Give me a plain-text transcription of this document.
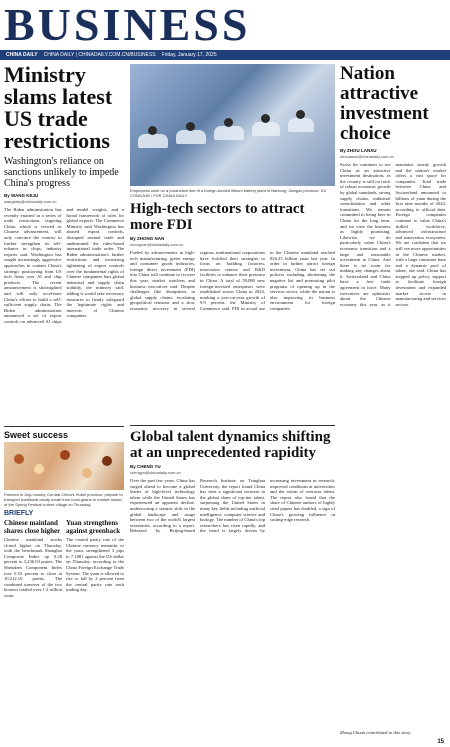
BUSINESS
CHINA DAILY CHINA DAILY | CHINADAILY.COM.CN/BUSINESS Friday, January 17, 2025
Ministry slams latest US trade restrictions
Washington's reliance on sanctions unlikely to impede China's progress
By WANG KEJU
wangkeju@chinadaily.com.cn
The Biden administration has recently enacted in a series of trade restrictions targeting China, which is viewed as Chinese advancement, will only convince the country to further strengthen its self-reliance in chips, industry experts said. Washington has sought increasingly aggressive approaches to contain China's strategic positioning from US tech firms over AI and chip products. The recent announcement is shortsighted and will only accelerate China's efforts to build a self-sufficient supply chain. The Biden administration announced a set of export controls on advanced AI chips and model weights, and a broad framework of rules for global exports. The Commerce Ministry said Washington has abused export controls, disrupted normal trade and undermined the rules-based international trade order. The Biden administration's further restrictions and increasing tightening of export controls over the fundamental rights of Chinese companies hurt global industrial and supply chain stability, the ministry said, adding it would take necessary measures to firmly safeguard the legitimate rights and interests of Chinese companies.
Sweet success
Farmers in Jinju county, Central China's Hubei province, prepare to transport traditional candy made from local grains to market ahead of the Spring Festival in their village on Thursday.
BRIEFLY
Chinese mainland shares close higher
Chinese mainland stocks closed higher on Thursday, with the benchmark Shanghai Composite Index up 0.28 percent to 3,236.03 points. The Shenzhen Component Index rose 0.53 percent to close at 10,212.10 points. The combined turnover of the two bourses totaled over 1.2 trillion yuan.
Yuan strengthens against greenback
The central parity rate of the Chinese currency renminbi, or the yuan, strengthened 3 pips to 7.1881 against the US dollar on Thursday, according to the China Foreign Exchange Trade System. The yuan is allowed to rise or fall by 2 percent from the central parity rate each trading day.
Employees work on a production line of a foreign-funded lithium battery plant in Nantong, Jiangsu province. XU CONGJUN / FOR CHINA DAILY
High-tech sectors to attract more FDI
By ZHONG NAN
zhongnan@chinadaily.com.cn
Fueled by advancements in high-tech manufacturing, green energy and consumer goods industries, foreign direct investment (FDI) into China will continue to recover this year, market watchers and business executives said. Despite challenges like disruptions in global supply chains, escalating geopolitical tensions and a slow economic recovery in several regions, multinational corporations have fortified their strategies to focus on building factories, innovation centers and R&D facilities to enhance their presence in China. A total of 59,080 new foreign-invested enterprises were established across China in 2024, marking a year-on-year growth of 9.9 percent, the Ministry of Commerce said. FDI in actual use in the Chinese mainland reached 826.25 billion yuan last year. In order to further attract foreign investment, China has set out policies including shortening the negative list and promoting pilot programs of opening up in the services sector, while the nation is also improving its business environment for foreign companies.
Global talent dynamics shifting at an unprecedented rapidity
By CHENG YU
chengyu@chinadaily.com.cn
Over the past few years, China has surged ahead to become a global leader of high-level technology talent while the United States has experienced an apparent decline, underscoring a seismic shift in the global landscape and usage between two of the world's largest economies, according to a report. Released by Beijing-based Research Institute on Tsinghua University, the report found China has seen a significant increase in the global share of top-tier talent, surpassing the United States in many key fields including artificial intelligence, computer science and biology. The number of China's top researchers has risen rapidly, and the trend is largely driven by increasing investment in research, improved conditions at universities and the return of overseas talent. The report also found that the share of Chinese authors of highly cited papers has doubled, a sign of China's growing influence in cutting-edge research.
Nation attractive investment choice
By ZHOU LANXU
zhoulanxu@chinadaily.com.cn
Swiss fin continues to see China as an attractive investment destination, as the country is still on track of robust economic growth by global standards, strong supply chains, industrial consolidation and other transitions. We remain committed to being here in China for the long term, and we view the business as highly promising. Likewise, we do particularly value China's economic transition and a large and reasonable investment in China. And there is no room for making any changes about it. Switzerland and China have a free trade agreement in force. Many executives are optimistic about the Chinese economy this year, as it maintains steady growth and the nation's market offers a vast space for companies. Total trade between China and Switzerland amounted to billions of yuan during the first nine months of 2024, according to official data. Foreign companies continue to value China's skilled workforce, advanced infrastructure and innovation ecosystem. We are confident that we will see more opportunities in the Chinese market, with a large consumer base and a dynamic pool of talent, she said. China has stepped up policy support to facilitate foreign investment and expanded market access in manufacturing and services sectors.
Zhong Chuan contributed to this story.
15
